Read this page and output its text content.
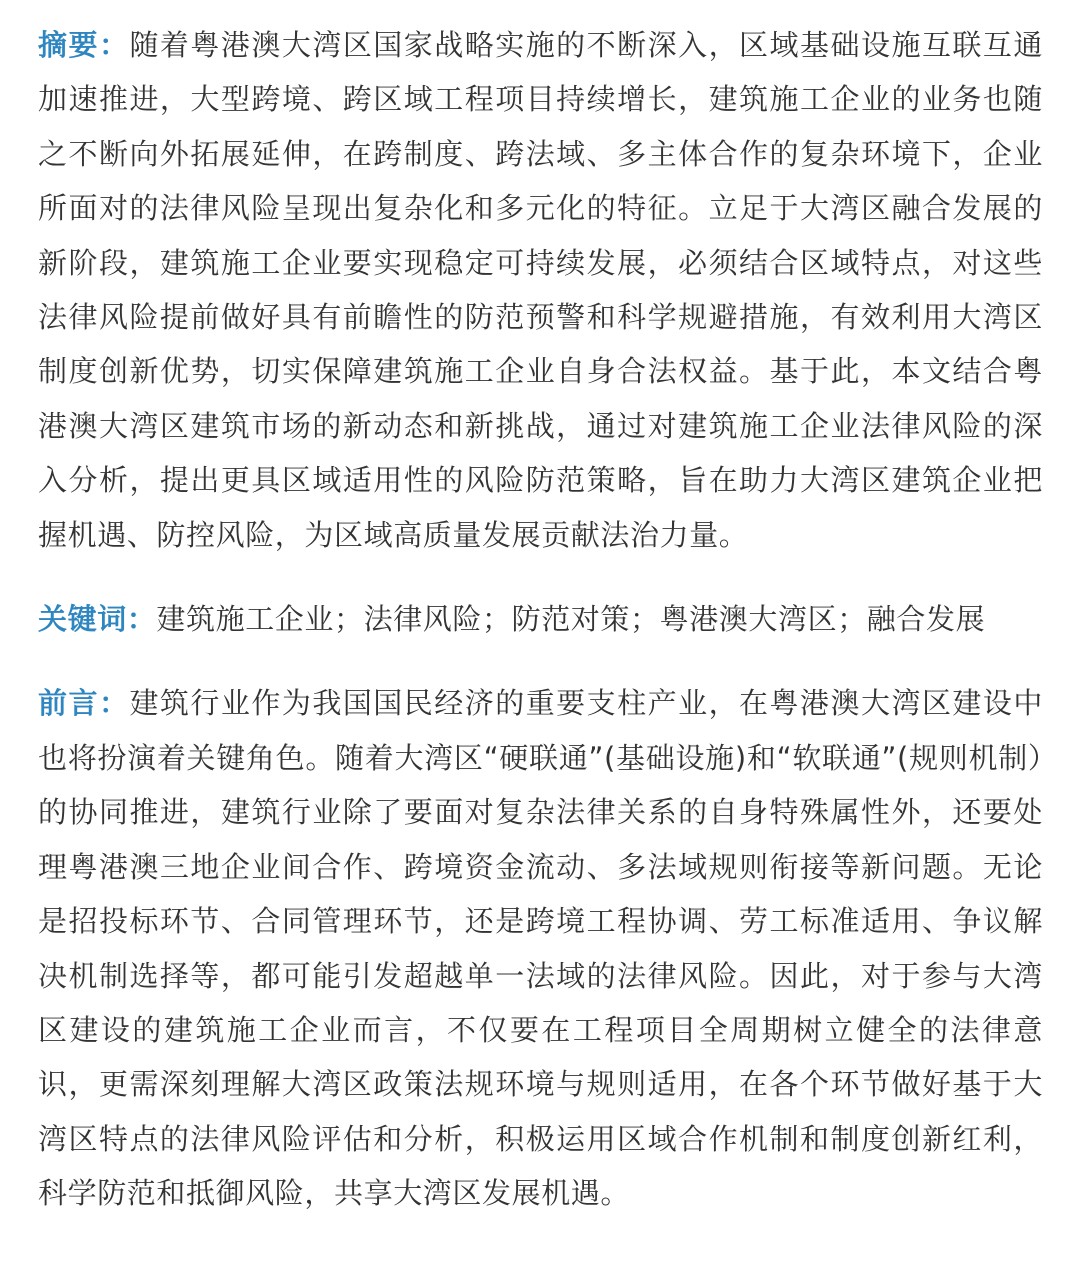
摘要：随着粤港澳大湾区国家战略实施的不断深入，区域基础设施互联互通加速推进，大型跨境、跨区域工程项目持续增长，建筑施工企业的业务也随之不断向外拓展延伸，在跨制度、跨法域、多主体合作的复杂环境下，企业所面对的法律风险呈现出复杂化和多元化的特征。立足于大湾区融合发展的新阶段，建筑施工企业要实现稳定可持续发展，必须结合区域特点，对这些法律风险提前做好具有前瞻性的防范预警和科学规避措施，有效利用大湾区制度创新优势，切实保障建筑施工企业自身合法权益。基于此，本文结合粤港澳大湾区建筑市场的新动态和新挑战，通过对建筑施工企业法律风险的深入分析，提出更具区域适用性的风险防范策略，旨在助力大湾区建筑企业把握机遇、防控风险，为区域高质量发展贡献法治力量。

关键词：建筑施工企业；法律风险；防范对策；粤港澳大湾区；融合发展

前言：建筑行业作为我国国民经济的重要支柱产业，在粤港澳大湾区建设中也将扮演着关键角色。随着大湾区“硬联通”(基础设施)和“软联通”(规则机制）的协同推进，建筑行业除了要面对复杂法律关系的自身特殊属性外，还要处理粤港澳三地企业间合作、跨境资金流动、多法域规则衔接等新问题。无论是招投标环节、合同管理环节，还是跨境工程协调、劳工标准适用、争议解决机制选择等，都可能引发超越单一法域的法律风险。因此，对于参与大湾区建设的建筑施工企业而言，不仅要在工程项目全周期树立健全的法律意识，更需深刻理解大湾区政策法规环境与规则适用，在各个环节做好基于大湾区特点的法律风险评估和分析，积极运用区域合作机制和制度创新红利，科学防范和抵御风险，共享大湾区发展机遇。
